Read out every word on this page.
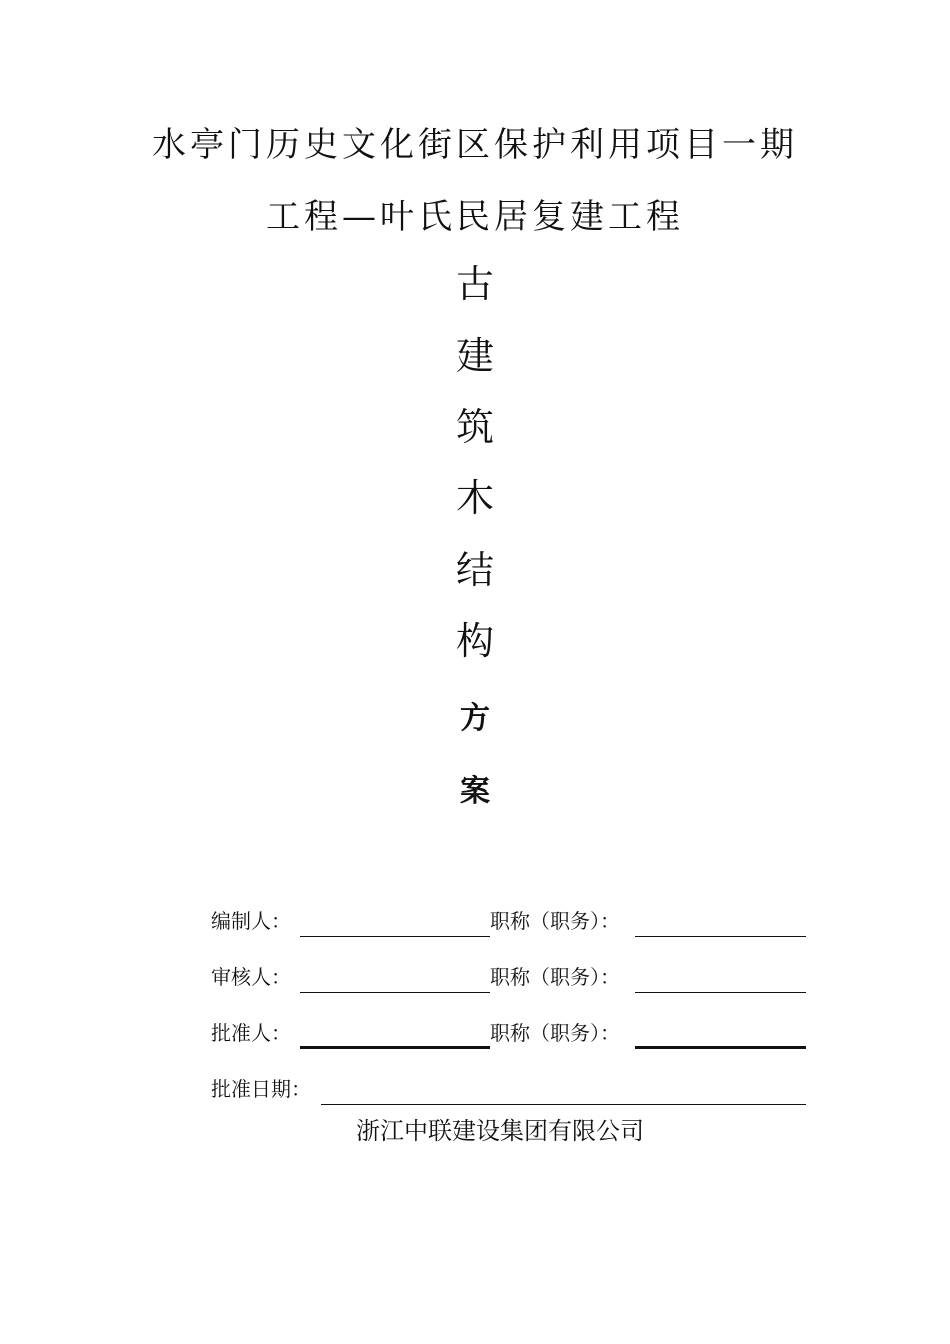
水亭门历史文化街区保护利用项目一期
工程—叶氏民居复建工程
古
建
筑
木
结
构
方
案
编制人：	职称（职务）：
审核人：	职称（职务）：
批准人：	职称（职务）：
批准日期：
浙江中联建设集团有限公司
